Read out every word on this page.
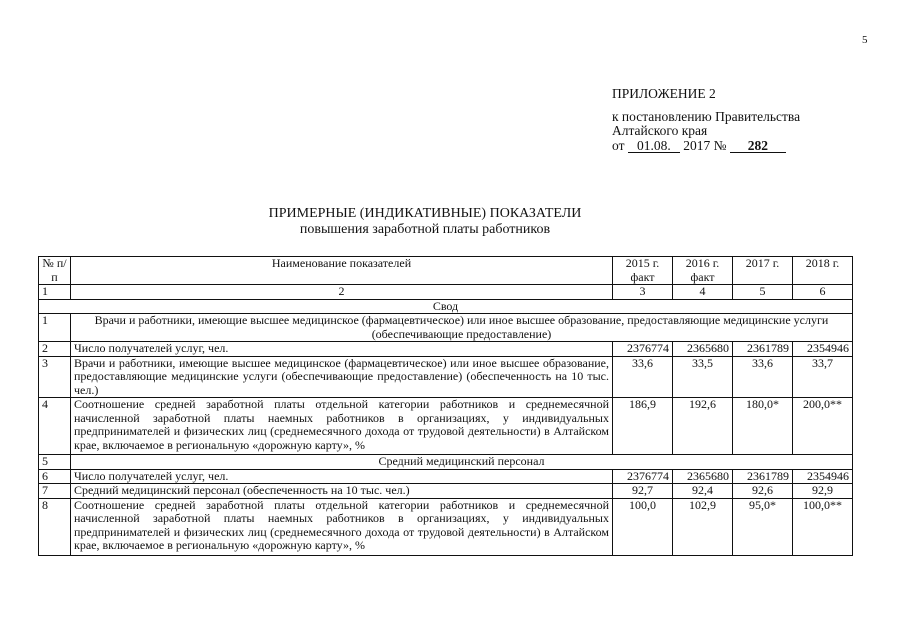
5
ПРИЛОЖЕНИЕ 2
к постановлению Правительства
Алтайского края
от 01.08. 2017 № 282
ПРИМЕРНЫЕ (ИНДИКАТИВНЫЕ) ПОКАЗАТЕЛИ
повышения заработной платы работников
№ п/п	Наименование показателей	2015 г. факт	2016 г. факт	2017 г.	2018 г.
1	2	3	4	5	6
Свод					
1	Врачи и работники, имеющие высшее медицинское (фармацевтическое) или иное высшее образование, предоставляющие медицинские услуги (обеспечивающие предоставление)				
2	Число получателей услуг, чел.	2376774	2365680	2361789	2354946
3	Врачи и работники, имеющие высшее медицинское (фармацевтическое) или иное высшее образование, предоставляющие медицинские услуги (обеспечивающие предоставление) (обеспеченность на 10 тыс. чел.)	33,6	33,5	33,6	33,7
4	Соотношение средней заработной платы отдельной категории работников и среднемесячной начисленной заработной платы наемных работников в организациях, у индивидуальных предпринимателей и физических лиц (среднемесячного дохода от трудовой деятельности) в Алтайском крае, включаемое в региональную «дорожную карту», %	186,9	192,6	180,0*	200,0**
5	Средний медицинский персонал				
6	Число получателей услуг, чел.	2376774	2365680	2361789	2354946
7	Средний медицинский персонал (обеспеченность на 10 тыс. чел.)	92,7	92,4	92,6	92,9
8	Соотношение средней заработной платы отдельной категории работников и среднемесячной начисленной заработной платы наемных работников в организациях, у индивидуальных предпринимателей и физических лиц (среднемесячного дохода от трудовой деятельности) в Алтайском крае, включаемое в региональную «дорожную карту», %	100,0	102,9	95,0*	100,0**
